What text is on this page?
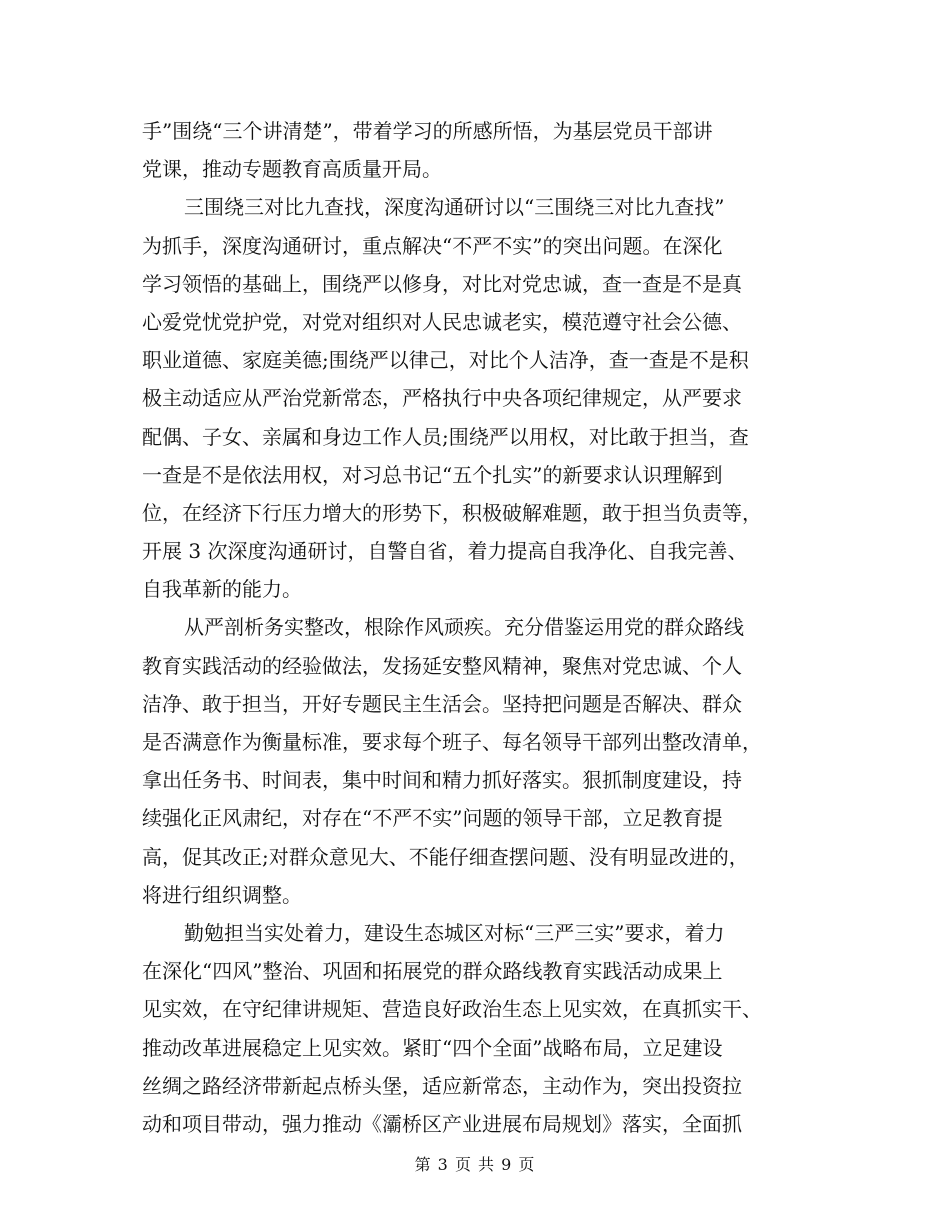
手”围绕“三个讲清楚”，带着学习的所感所悟，为基层党员干部讲
党课，推动专题教育高质量开局。
三围绕三对比九查找，深度沟通研讨以“三围绕三对比九查找”
为抓手，深度沟通研讨，重点解决“不严不实”的突出问题。在深化
学习领悟的基础上，围绕严以修身，对比对党忠诚，查一查是不是真
心爱党忧党护党，对党对组织对人民忠诚老实，模范遵守社会公德、
职业道德、家庭美德;围绕严以律己，对比个人洁净，查一查是不是积
极主动适应从严治党新常态，严格执行中央各项纪律规定，从严要求
配偶、子女、亲属和身边工作人员;围绕严以用权，对比敢于担当，查
一查是不是依法用权，对习总书记“五个扎实”的新要求认识理解到
位，在经济下行压力增大的形势下，积极破解难题，敢于担当负责等，
开展 3 次深度沟通研讨，自警自省，着力提高自我净化、自我完善、
自我革新的能力。
从严剖析务实整改，根除作风顽疾。充分借鉴运用党的群众路线
教育实践活动的经验做法，发扬延安整风精神，聚焦对党忠诚、个人
洁净、敢于担当，开好专题民主生活会。坚持把问题是否解决、群众
是否满意作为衡量标准，要求每个班子、每名领导干部列出整改清单，
拿出任务书、时间表，集中时间和精力抓好落实。狠抓制度建设，持
续强化正风肃纪，对存在“不严不实”问题的领导干部，立足教育提
高，促其改正;对群众意见大、不能仔细查摆问题、没有明显改进的，
将进行组织调整。
勤勉担当实处着力，建设生态城区对标“三严三实”要求，着力
在深化“四风”整治、巩固和拓展党的群众路线教育实践活动成果上
见实效，在守纪律讲规矩、营造良好政治生态上见实效，在真抓实干、
推动改革进展稳定上见实效。紧盯“四个全面”战略布局，立足建设
丝绸之路经济带新起点桥头堡，适应新常态，主动作为，突出投资拉
动和项目带动，强力推动《灞桥区产业进展布局规划》落实，全面抓
第 3 页 共 9 页
